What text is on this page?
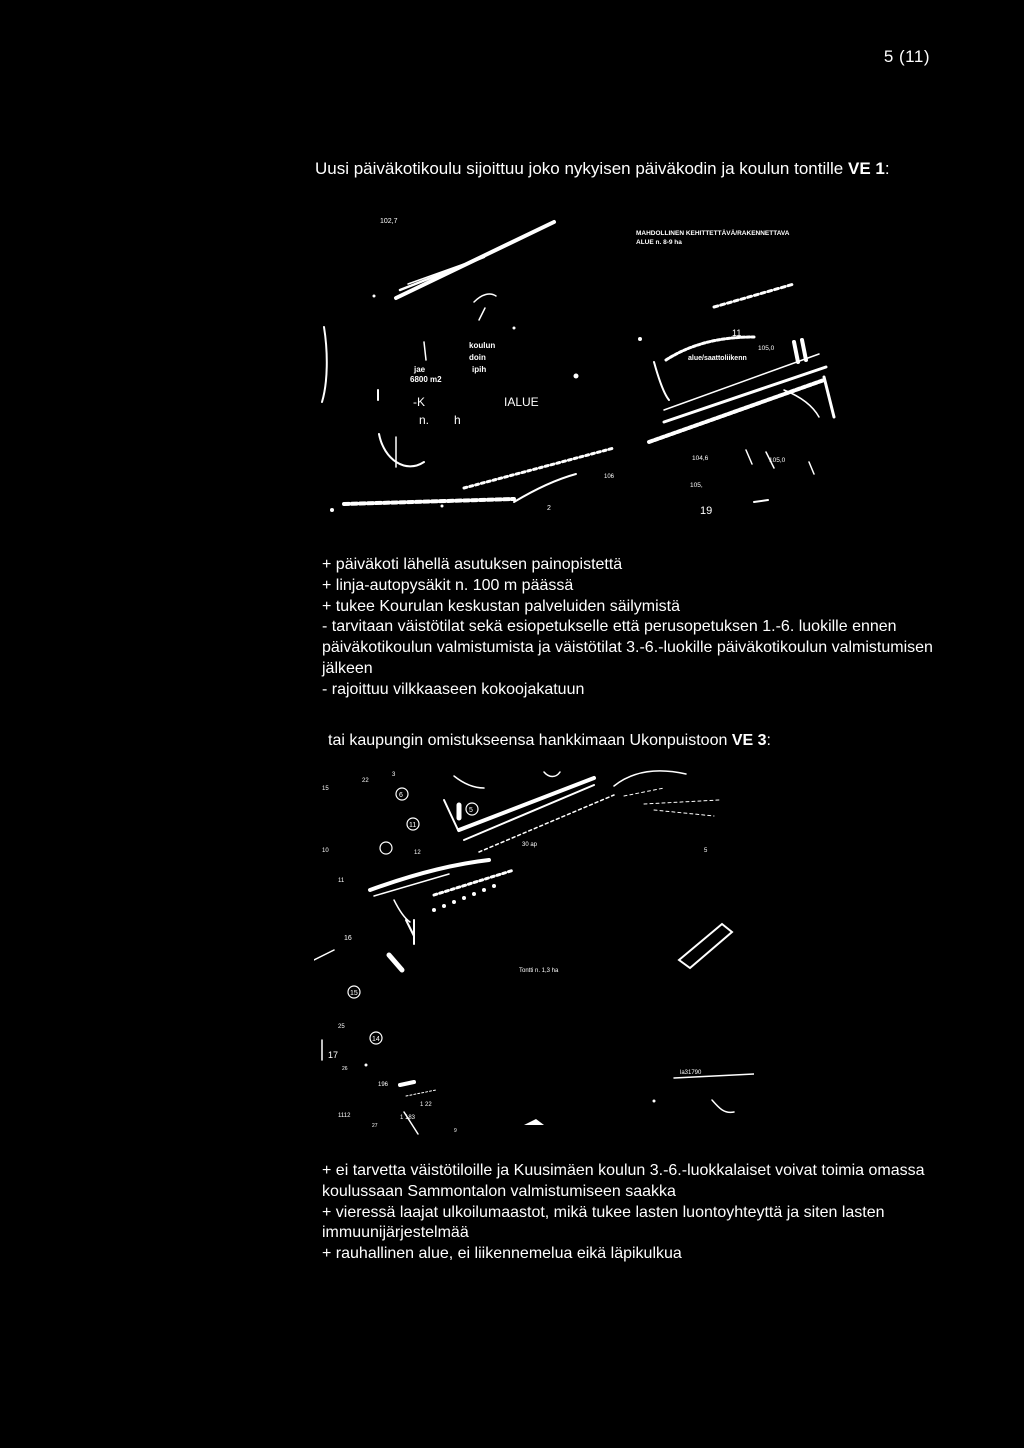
5 (11)
Uusi päiväkotikoulu sijoittuu joko nykyisen päiväkodin ja koulun tontille VE 1:
102,7
MAHDOLLINEN KEHITTETTÄVÄ/RAKENNETTAVA
ALUE n. 8-9 ha
koulun
doin
ipih
jae
6800 m2
-K
n. h
IALUE
11
alue/saattoliikenn
105,0
104,6	105,0
105,
19
2
106
+ päiväkoti lähellä asutuksen painopistettä
+ linja-autopysäkit n. 100 m päässä
+ tukee Kourulan keskustan palveluiden säilymistä
- tarvitaan väistötilat sekä esiopetukselle että perusopetuksen 1.-6. luokille ennen päiväkotikoulun valmistumista ja väistötilat 3.-6.-luokille päiväkotikoulun valmistumisen jälkeen
- rajoittuu vilkkaaseen kokoojakatuun
tai kaupungin omistukseensa hankkimaan Ukonpuistoon VE 3:
22
3
15
6
5
11
12
30 ap
5
11
10
16
Tontti n. 1,3 ha
15
25
14
17
26
196
1 22
1112	1 183
27
la31790
9
+ ei tarvetta väistötiloille ja Kuusimäen koulun 3.-6.-luokkalaiset voivat toimia omassa koulussaan Sammontalon valmistumiseen saakka
+ vieressä laajat ulkoilumaastot, mikä tukee lasten luontoyhteyttä ja siten lasten immuunijärjestelmää
+ rauhallinen alue, ei liikennemelua eikä läpikulkua
